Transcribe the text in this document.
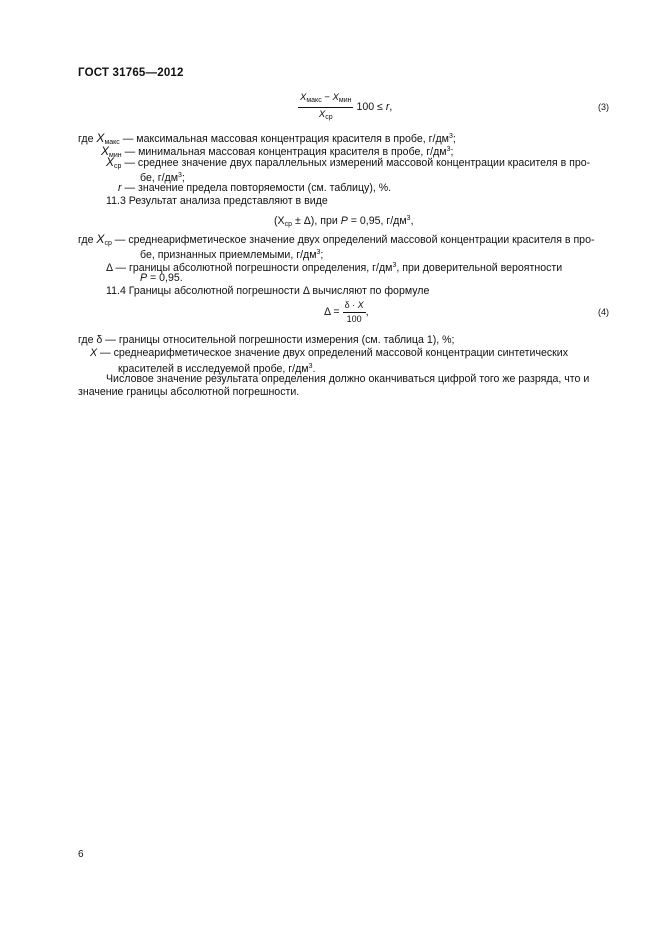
ГОСТ 31765—2012
$\frac{X_{макс} - X_{мин}}{X_{ср}} 100 \le r$,	(3)
где $X_{макс}$ — максимальная массовая концентрация красителя в пробе, $г/дм^3$;
$X_{мин}$ — минимальная массовая концентрация красителя в пробе, $г/дм^3$;
$X_{ср}$ — среднее значение двух параллельных измерений массовой концентрации красителя в про-
бе, $г/дм^3$;
r — значение предела повторяемости (см. таблицу), %.
11.3 Результат анализа представляют в виде
$(X_{ср} \pm \Delta)$, при P = 0,95, $г/дм^3$,
где $X_{ср}$ — среднеарифметическое значение двух определений массовой концентрации красителя в про-
бе, признанных приемлемыми, $г/дм^3$;
Δ — границы абсолютной погрешности определения, $г/дм^3$, при доверительной вероятности
P = 0,95.
11.4 Границы абсолютной погрешности Δ вычисляют по формуле
$\Delta = \frac{\delta \cdot X}{100}$ ,	(4)
где δ — границы относительной погрешности измерения (см. таблица 1), %;
X — среднеарифметическое значение двух определений массовой концентрации синтетических
красителей в исследуемой пробе, $г/дм^3$.
Числовое значение результата определения должно оканчиваться цифрой того же разряда, что и
значение границы абсолютной погрешности.
6
